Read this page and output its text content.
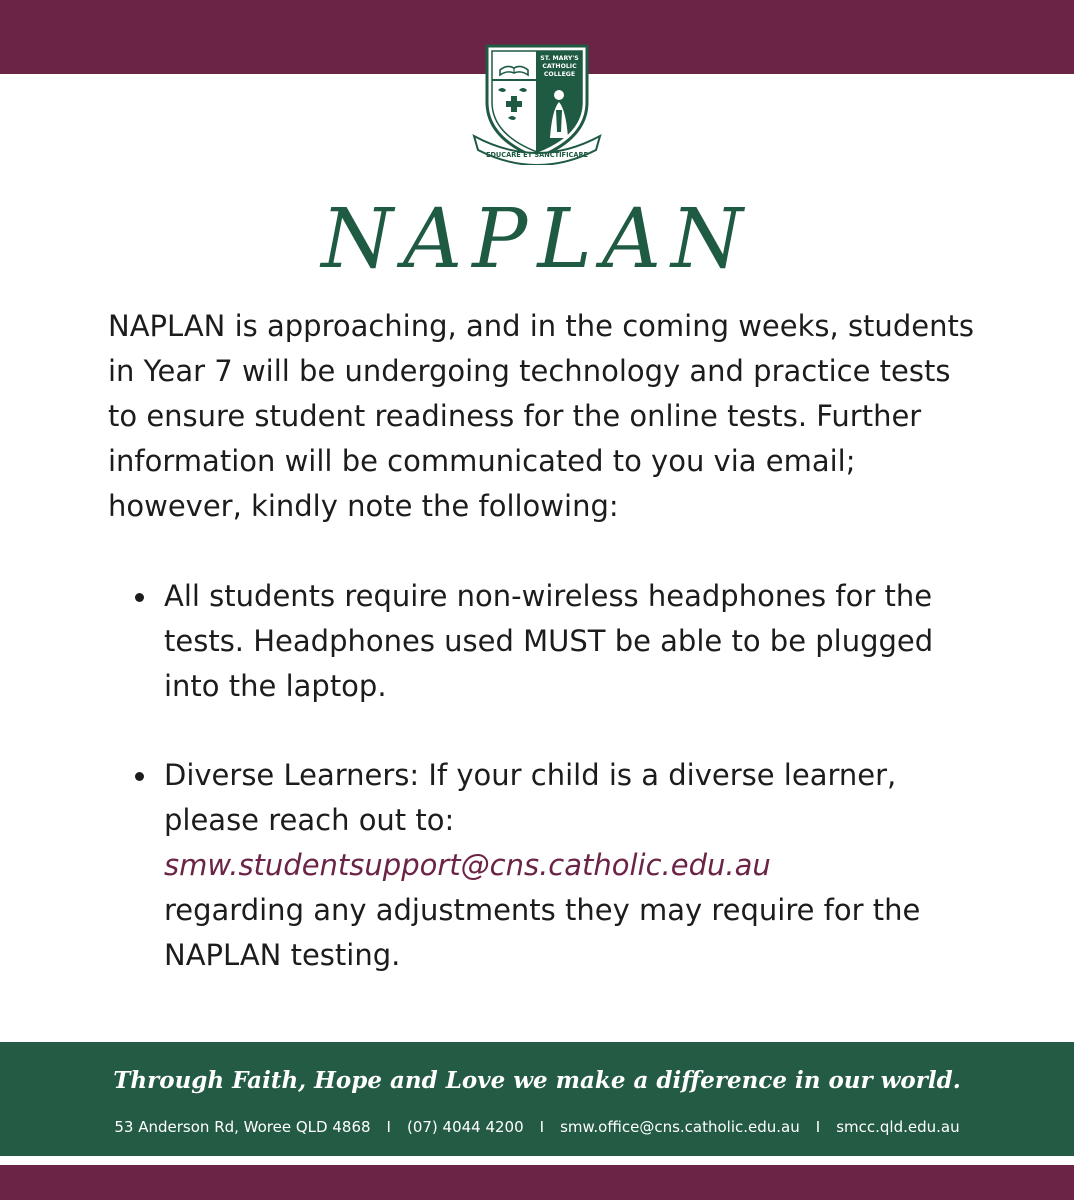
ST. MARY'S
CATHOLIC
COLLEGE
EDUCARE ET SANCTIFICARE
NAPLAN

NAPLAN is approaching, and in the coming weeks, students in Year 7 will be undergoing technology and practice tests to ensure student readiness for the online tests. Further information will be communicated to you via email; however, kindly note the following:

All students require non-wireless headphones for the tests. Headphones used MUST be able to be plugged into the laptop.
Diverse Learners: If your child is a diverse learner, please reach out to:
smw.studentsupport@cns.catholic.edu.au
regarding any adjustments they may require for the NAPLAN testing.
Through Faith, Hope and Love we make a difference in our world.
53 Anderson Rd, Woree QLD 4868 I (07) 4044 4200 I smw.office@cns.catholic.edu.au I smcc.qld.edu.au
